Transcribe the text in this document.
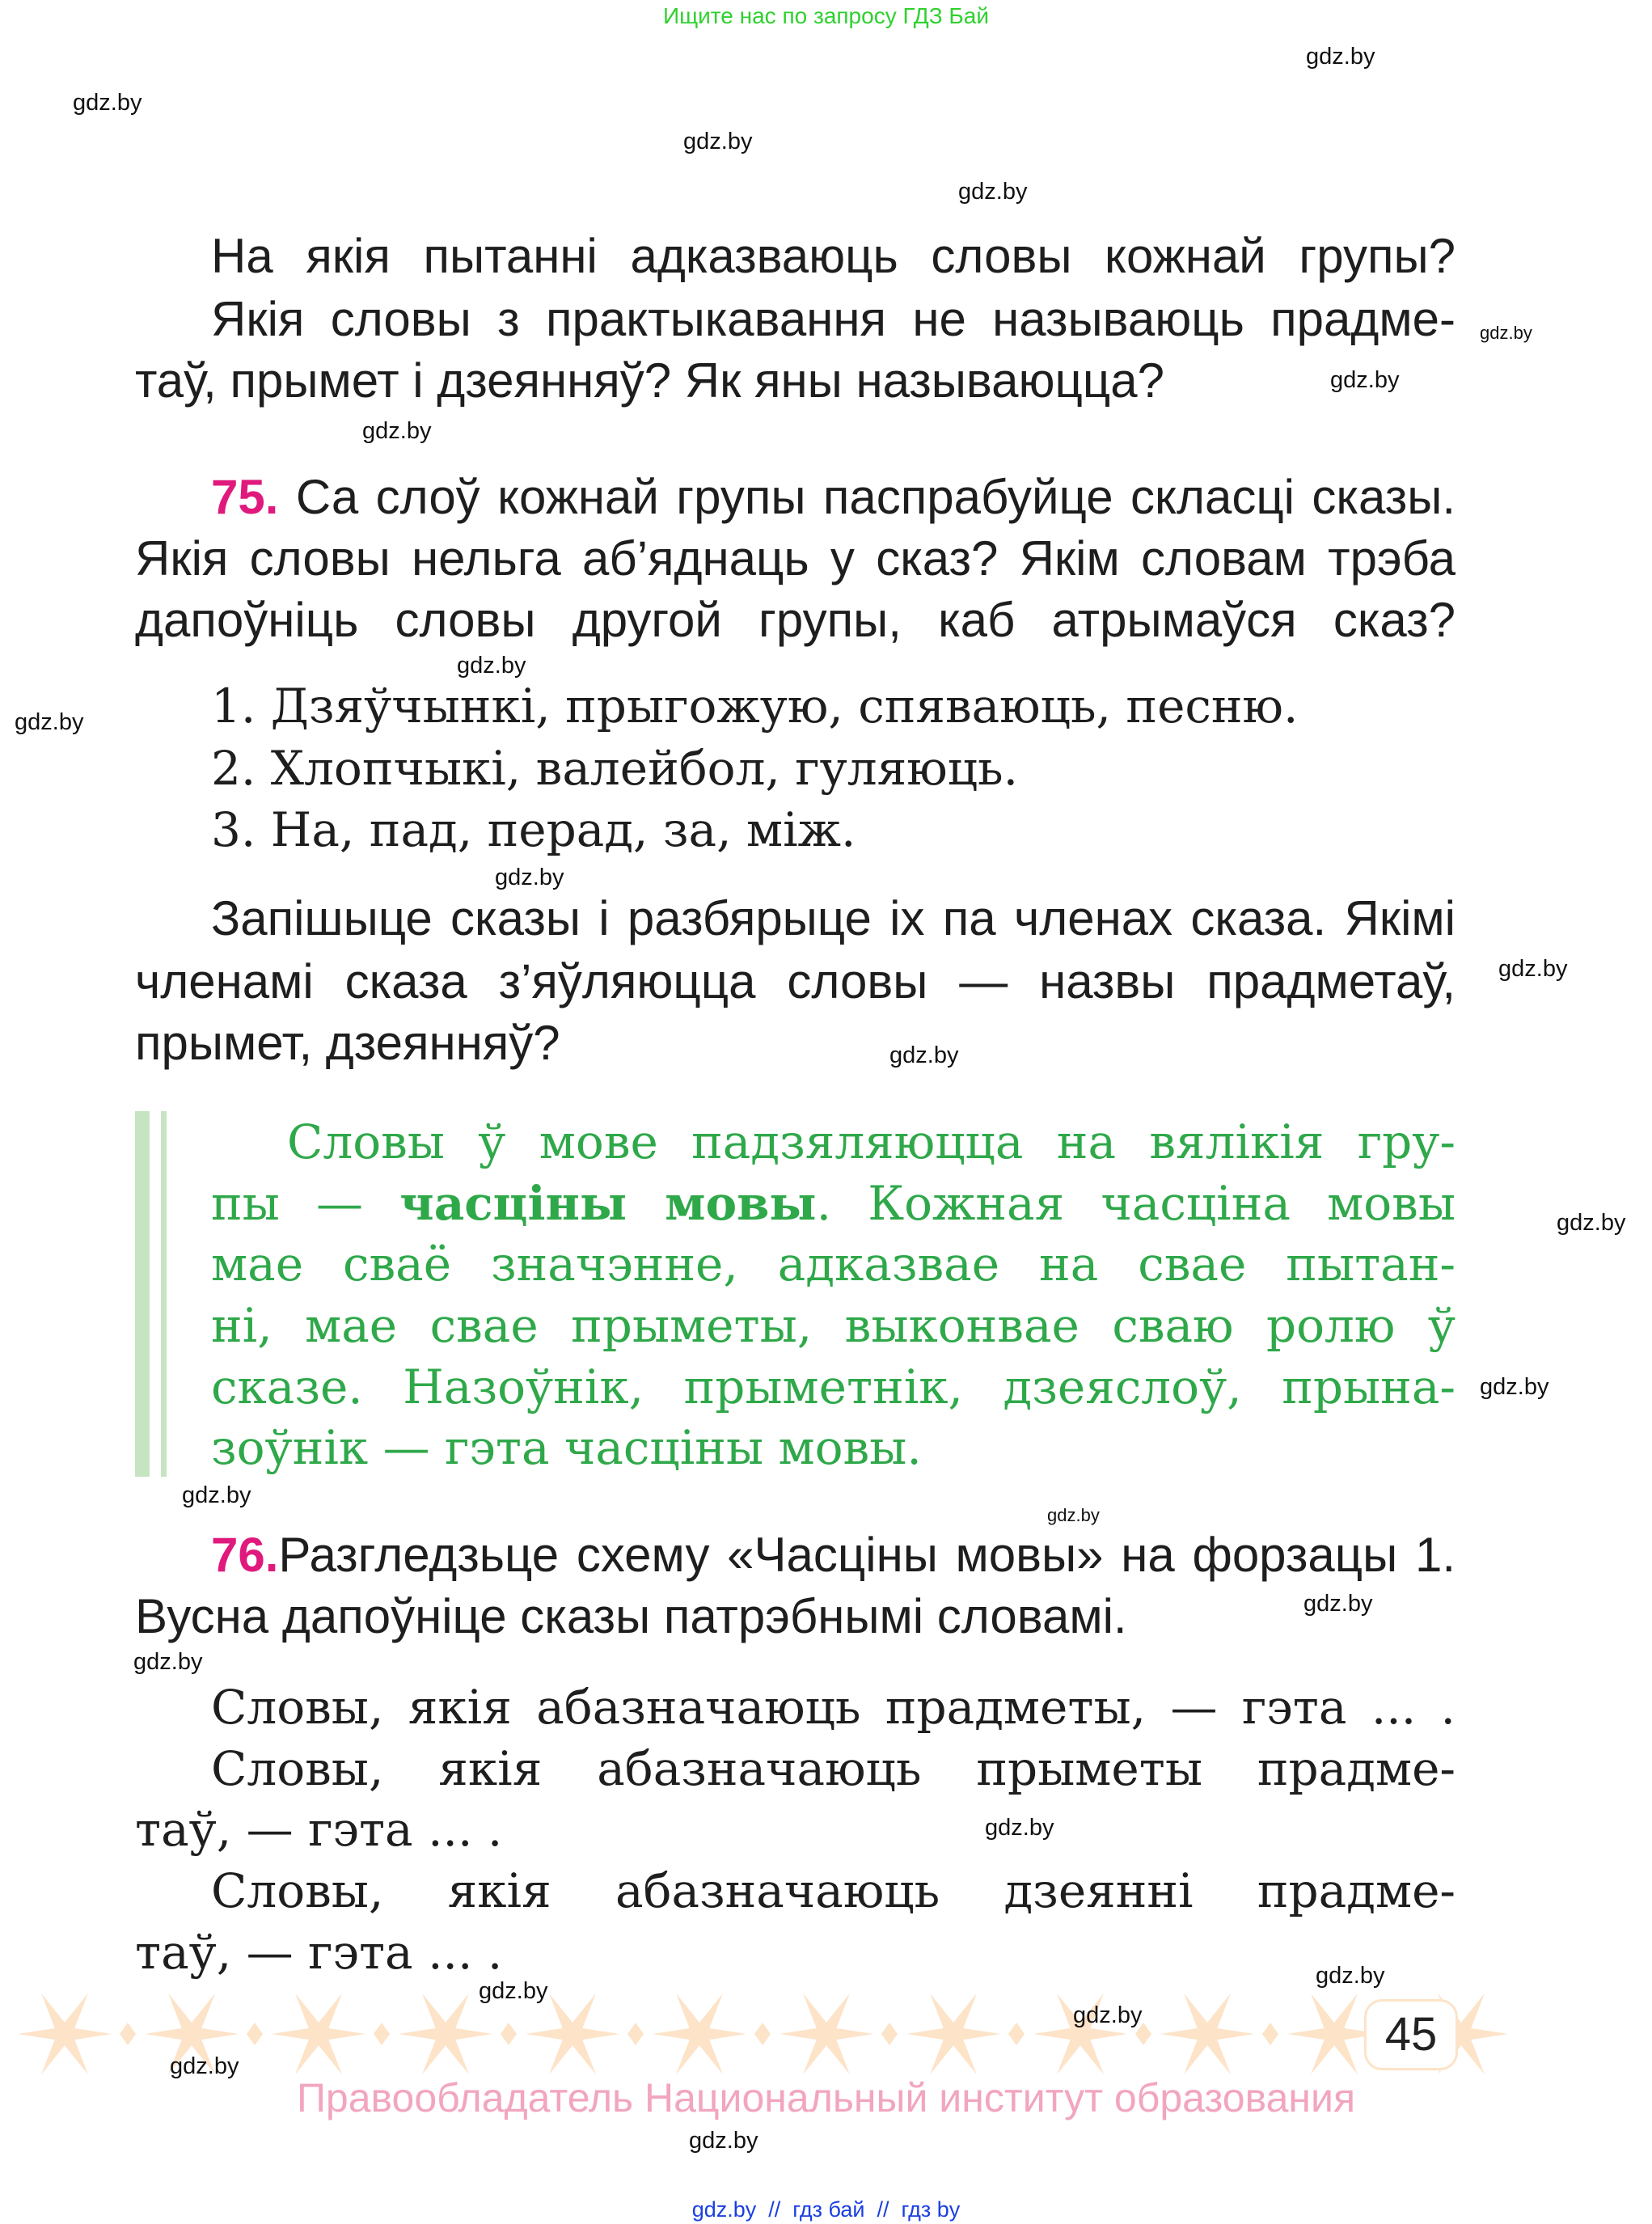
Ищите нас по запросу ГДЗ Бай
На якія пытанні адказваюць словы кожнай групы?
Якія словы з практыкавання не называюць прадме-
таў, прымет і дзеянняў? Як яны называюцца?
75. Са слоў кожнай групы паспрабуйце скласці сказы.
Якія словы нельга аб’яднаць у сказ? Якім словам трэба
дапоўніць словы другой групы, каб атрымаўся сказ?
1. Дзяўчынкі, прыгожую, спяваюць, песню.
2. Хлопчыкі, валейбол, гуляюць.
3. На, пад, перад, за, між.
Запішыце сказы і разбярыце іх па членах сказа. Якімі
членамі сказа з’яўляюцца словы — назвы прадметаў,
прымет, дзеянняў?
Словы ў мове падзяляюцца на вялікія гру-
пы — часціны мовы. Кожная часціна мовы
мае сваё значэнне, адказвае на свае пытан-
ні, мае свае прыметы, выконвае сваю ролю ў
сказе. Назоўнік, прыметнік, дзеяслоў, прына-
зоўнік — гэта часціны мовы.
76.Разгледзьце схему «Часціны мовы» на форзацы 1.
Вусна дапоўніце сказы патрэбнымі словамі.
Словы, якія абазначаюць прадметы, — гэта ... .
Словы, якія абазначаюць прыметы прадме-
таў, — гэта ... .
Словы, якія абазначаюць дзеянні прадме-
таў, — гэта ... .
45
Правообладатель Национальный институт образования
gdz.by  //  гдз бай  //  гдз by
gdz.by
gdz.by
gdz.by
gdz.by
gdz.by
gdz.by
gdz.by
gdz.by
gdz.by
gdz.by
gdz.by
gdz.by
gdz.by
gdz.by
gdz.by
gdz.by
gdz.by
gdz.by
gdz.by
gdz.by
gdz.by
gdz.by
gdz.by
gdz.by
